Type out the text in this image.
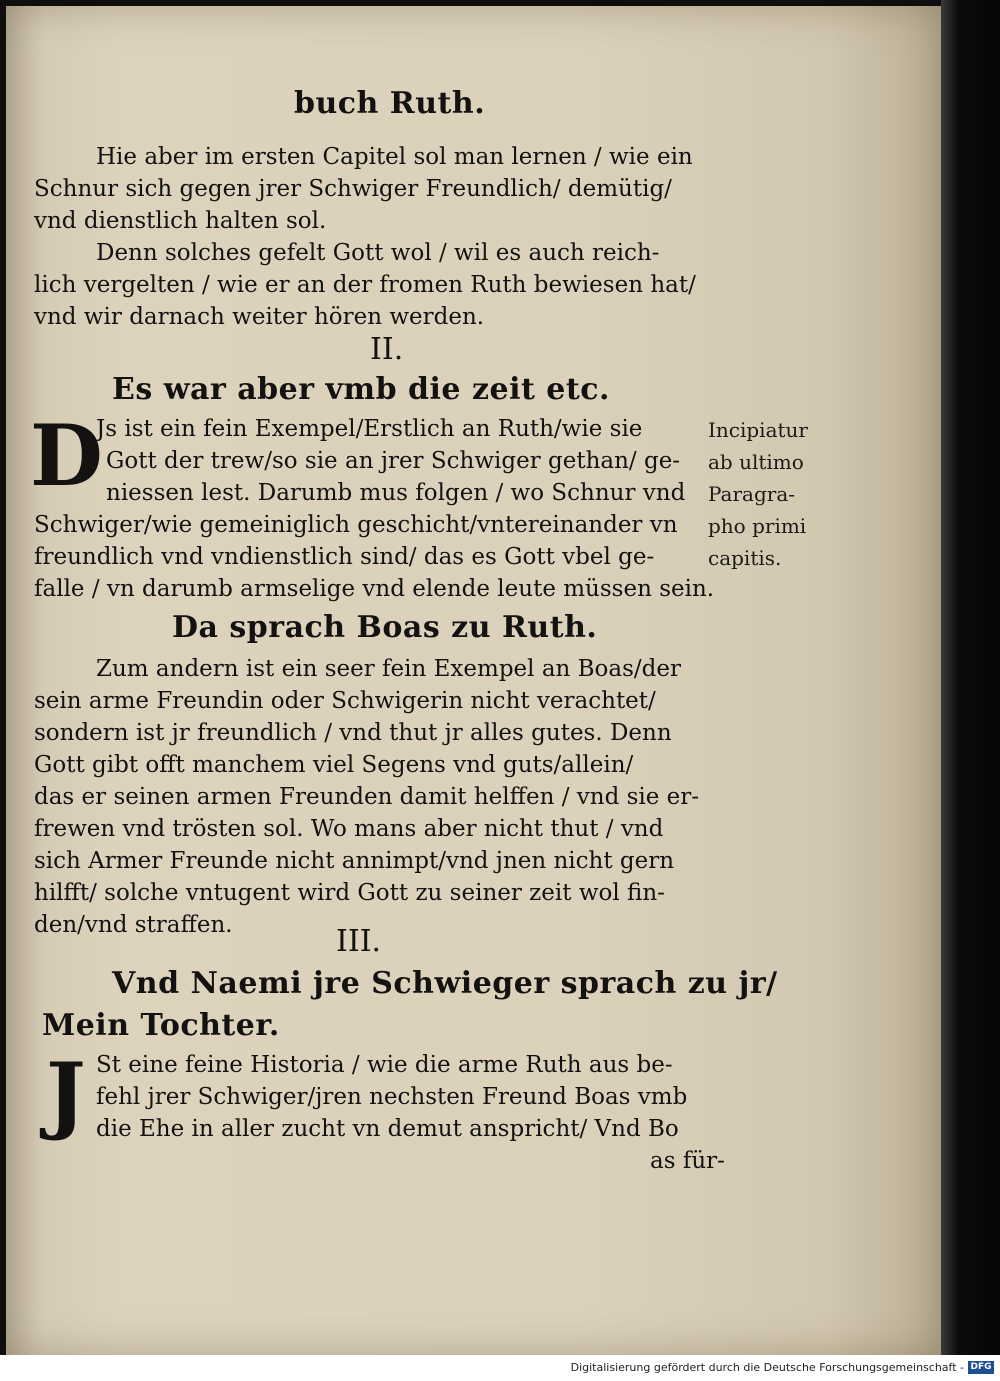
buch Ruth.
Hie aber im ersten Capitel sol man lernen / wie ein
Schnur sich gegen jrer Schwiger Freundlich/ demütig/
vnd dienstlich halten sol.
Denn solches gefelt Gott wol / wil es auch reich-
lich vergelten / wie er an der fromen Ruth bewiesen hat/
vnd wir darnach weiter hören werden.
II.
Es war aber vmb die zeit etc.
D
Js ist ein fein Exempel/Erstlich an Ruth/wie sie
Gott der trew/so sie an jrer Schwiger gethan/ ge-
niessen lest. Darumb mus folgen / wo Schnur vnd
Schwiger/wie gemeiniglich geschicht/vntereinander vn
freundlich vnd vndienstlich sind/ das es Gott vbel ge-
falle / vn darumb armselige vnd elende leute müssen sein.
Incipiatur
ab ultimo
Paragra-
pho primi
capitis.
Da sprach Boas zu Ruth.
Zum andern ist ein seer fein Exempel an Boas/der
sein arme Freundin oder Schwigerin nicht verachtet/
sondern ist jr freundlich / vnd thut jr alles gutes. Denn
Gott gibt offt manchem viel Segens vnd guts/allein/
das er seinen armen Freunden damit helffen / vnd sie er-
frewen vnd trösten sol. Wo mans aber nicht thut / vnd
sich Armer Freunde nicht annimpt/vnd jnen nicht gern
hilfft/ solche vntugent wird Gott zu seiner zeit wol fin-
den/vnd straffen.	III.
Vnd Naemi jre Schwieger sprach zu jr/
Mein Tochter.
J St eine feine Historia / wie die arme Ruth aus be-
fehl jrer Schwiger/jren nechsten Freund Boas vmb
die Ehe in aller zucht vn demut anspricht/ Vnd Bo
as für-
Digitalisierung gefördert durch die Deutsche Forschungsgemeinschaft - DFG
